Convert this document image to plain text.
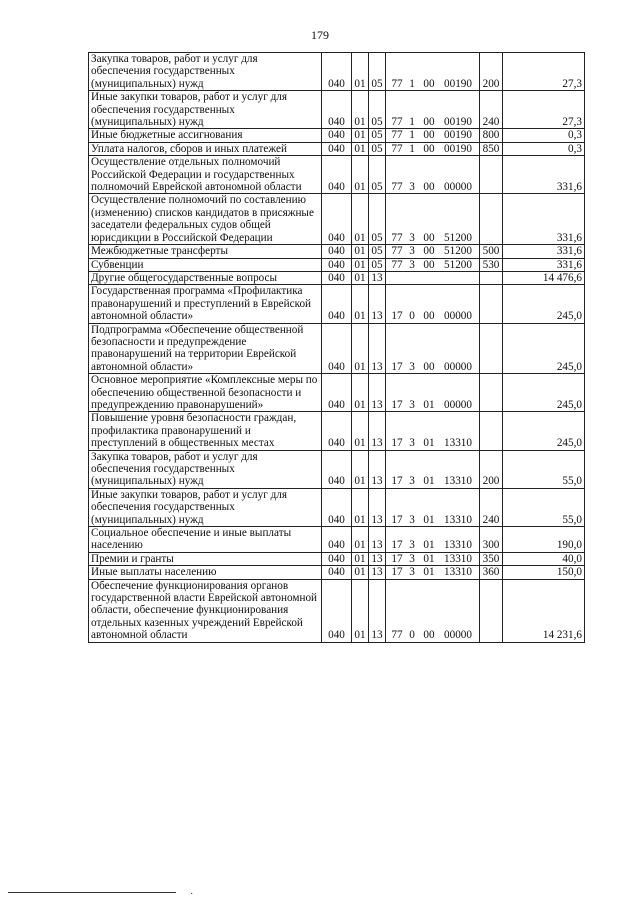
179
Закупка товаров, работ и услуг для обеспечения государственных (муниципальных) нужд	040	01	05	77 1 00 00190	200	27,3
Иные закупки товаров, работ и услуг для обеспечения государственных (муниципальных) нужд	040	01	05	77 1 00 00190	240	27,3
Иные бюджетные ассигнования	040	01	05	77 1 00 00190	800	0,3
Уплата налогов, сборов и иных платежей	040	01	05	77 1 00 00190	850	0,3
Осуществление отдельных полномочий Российской Федерации и государственных полномочий Еврейской автономной области	040	01	05	77 3 00 00000		331,6
Осуществление полномочий по составлению (изменению) списков кандидатов в присяжные заседатели федеральных судов общей юрисдикции в Российской Федерации	040	01	05	77 3 00 51200		331,6
Межбюджетные трансферты	040	01	05	77 3 00 51200	500	331,6
Субвенции	040	01	05	77 3 00 51200	530	331,6
Другие общегосударственные вопросы	040	01	13			14 476,6
Государственная программа «Профилактика правонарушений и преступлений в Еврейской автономной области»	040	01	13	17 0 00 00000		245,0
Подпрограмма «Обеспечение общественной безопасности и предупреждение правонарушений на территории Еврейской автономной области»	040	01	13	17 3 00 00000		245,0
Основное мероприятие «Комплексные меры по обеспечению общественной безопасности и предупреждению правонарушений»	040	01	13	17 3 01 00000		245,0
Повышение уровня безопасности граждан, профилактика правонарушений и преступлений в общественных местах	040	01	13	17 3 01 13310		245,0
Закупка товаров, работ и услуг для обеспечения государственных (муниципальных) нужд	040	01	13	17 3 01 13310	200	55,0
Иные закупки товаров, работ и услуг для обеспечения государственных (муниципальных) нужд	040	01	13	17 3 01 13310	240	55,0
Социальное обеспечение и иные выплаты населению	040	01	13	17 3 01 13310	300	190,0
Премии и гранты	040	01	13	17 3 01 13310	350	40,0
Иные выплаты населению	040	01	13	17 3 01 13310	360	150,0
Обеспечение функционирования органов государственной власти Еврейской автономной области, обеспечение функционирования отдельных казенных учреждений Еврейской автономной области	040	01	13	77 0 00 00000		14 231,6
·
